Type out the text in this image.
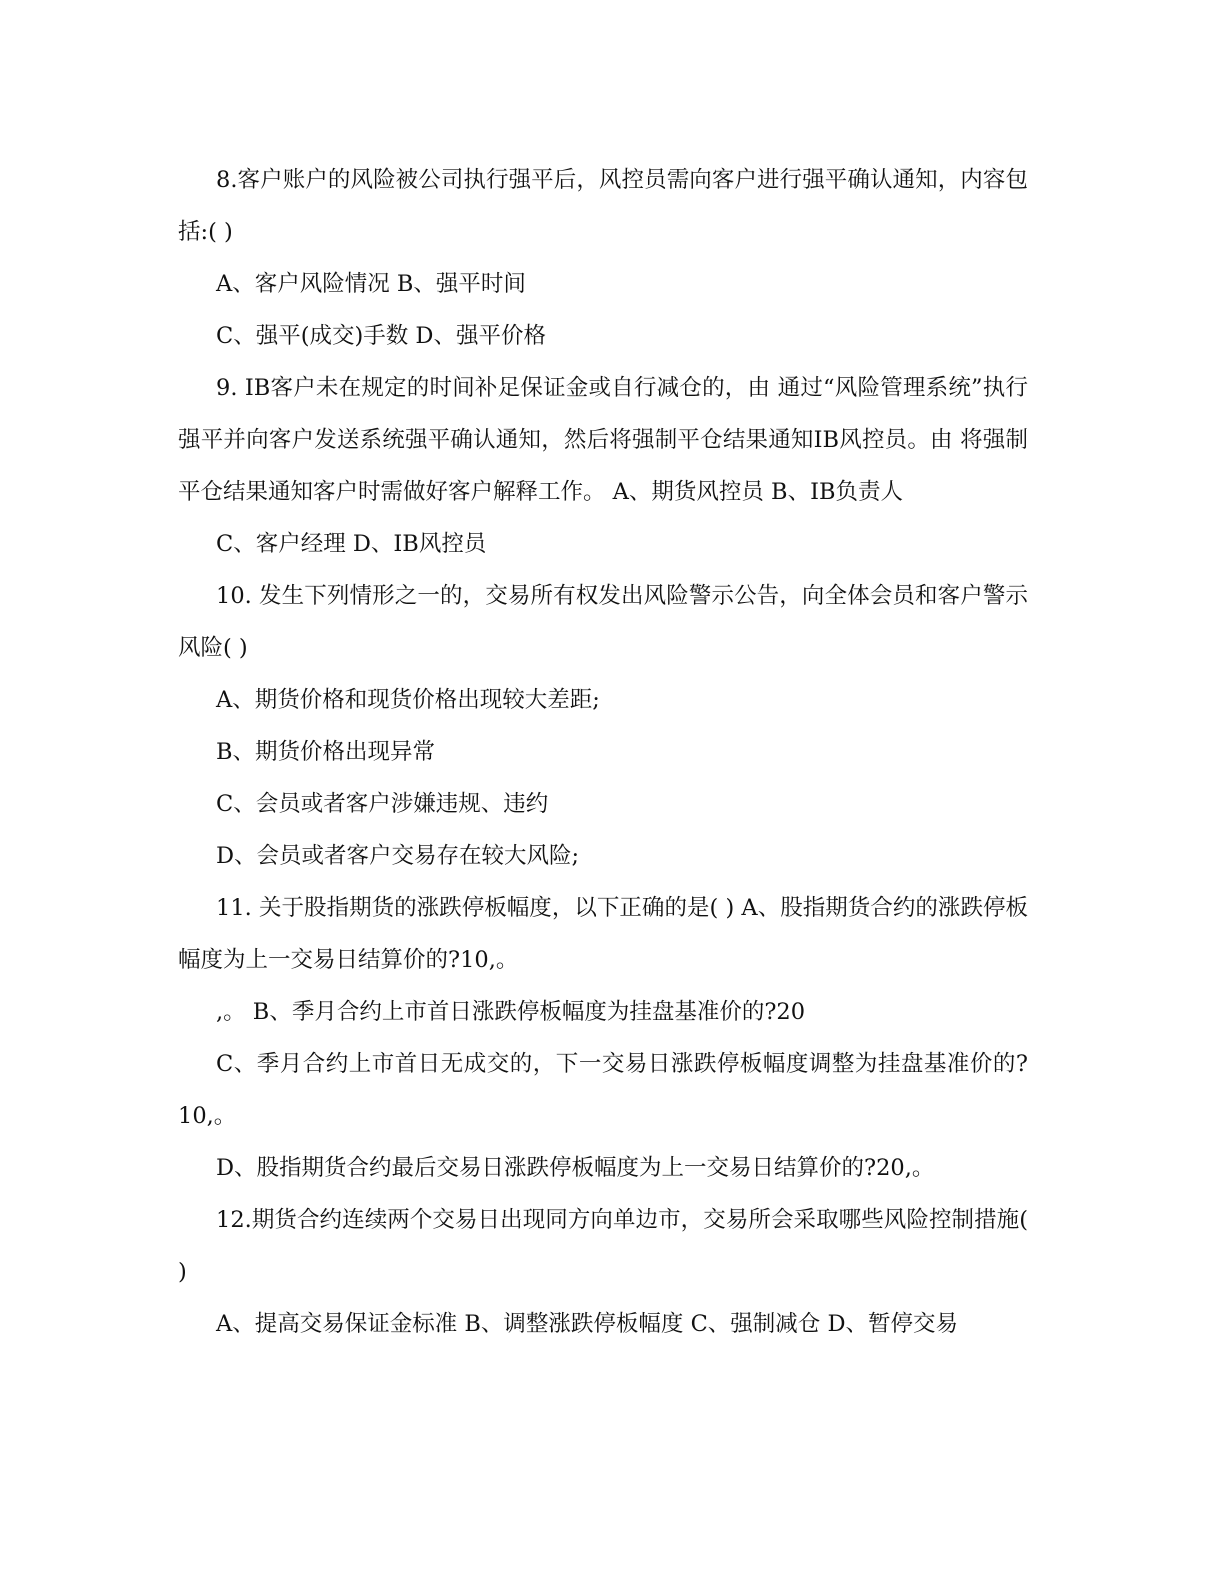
8.客户账户的风险被公司执行强平后，风控员需向客户进行强平确认通知，内容包括:( )

A、客户风险情况 B、强平时间

C、强平(成交)手数 D、强平价格

9. IB客户未在规定的时间补足保证金或自行减仓的，由 通过“风险管理系统”执行强平并向客户发送系统强平确认通知，然后将强制平仓结果通知IB风控员。由 将强制平仓结果通知客户时需做好客户解释工作。 A、期货风控员 B、IB负责人

C、客户经理 D、IB风控员

10. 发生下列情形之一的，交易所有权发出风险警示公告，向全体会员和客户警示风险( )

A、期货价格和现货价格出现较大差距;

B、期货价格出现异常

C、会员或者客户涉嫌违规、违约

D、会员或者客户交易存在较大风险;

11. 关于股指期货的涨跌停板幅度，以下正确的是( ) A、股指期货合约的涨跌停板幅度为上一交易日结算价的?10,。

,。 B、季月合约上市首日涨跌停板幅度为挂盘基准价的?20

C、季月合约上市首日无成交的，下一交易日涨跌停板幅度调整为挂盘基准价的?10,。

D、股指期货合约最后交易日涨跌停板幅度为上一交易日结算价的?20,。

12.期货合约连续两个交易日出现同方向单边市，交易所会采取哪些风险控制措施( )

A、提高交易保证金标准 B、调整涨跌停板幅度 C、强制减仓 D、暂停交易
